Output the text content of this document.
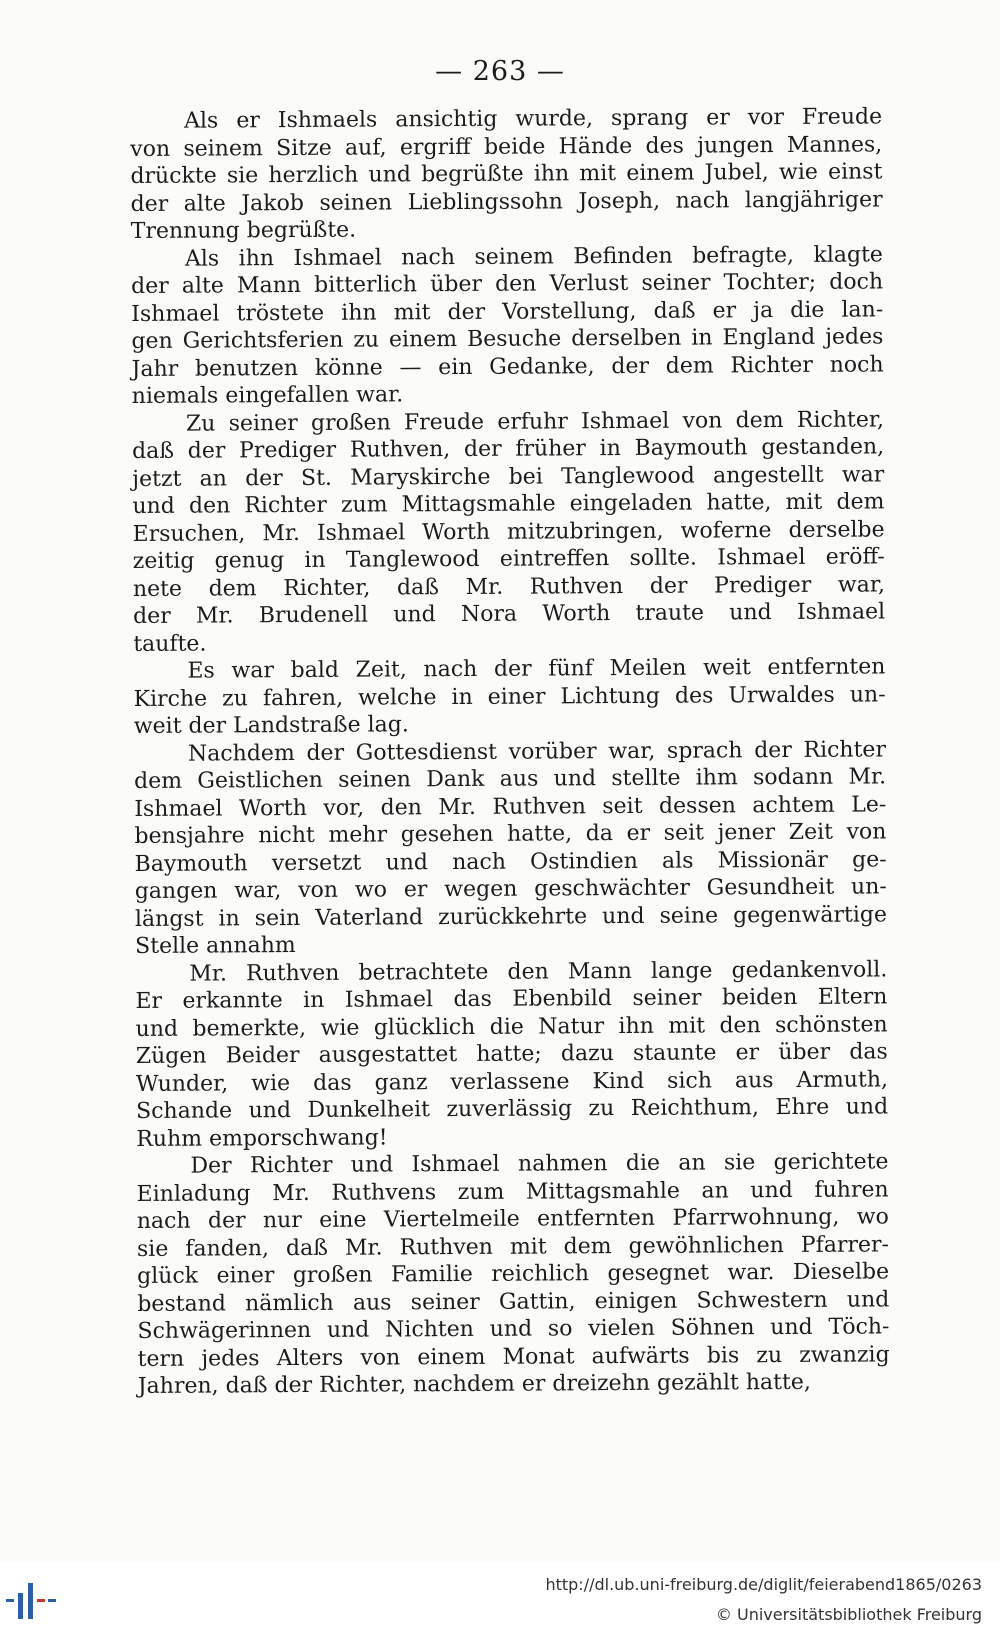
— 263 —
Als er Ishmaels ansichtig wurde, sprang er vor Freude
von seinem Sitze auf, ergriff beide Hände des jungen Mannes,
drückte sie herzlich und begrüßte ihn mit einem Jubel, wie einst
der alte Jakob seinen Lieblingssohn Joseph, nach langjähriger
Trennung begrüßte.
Als ihn Ishmael nach seinem Befinden befragte, klagte
der alte Mann bitterlich über den Verlust seiner Tochter; doch
Ishmael tröstete ihn mit der Vorstellung, daß er ja die lan-
gen Gerichtsferien zu einem Besuche derselben in England jedes
Jahr benutzen könne — ein Gedanke, der dem Richter noch
niemals eingefallen war.
Zu seiner großen Freude erfuhr Ishmael von dem Richter,
daß der Prediger Ruthven, der früher in Baymouth gestanden,
jetzt an der St. Maryskirche bei Tanglewood angestellt war
und den Richter zum Mittagsmahle eingeladen hatte, mit dem
Ersuchen, Mr. Ishmael Worth mitzubringen, woferne derselbe
zeitig genug in Tanglewood eintreffen sollte. Ishmael eröff-
nete dem Richter, daß Mr. Ruthven der Prediger war,
der Mr. Brudenell und Nora Worth traute und Ishmael
taufte.
Es war bald Zeit, nach der fünf Meilen weit entfernten
Kirche zu fahren, welche in einer Lichtung des Urwaldes un-
weit der Landstraße lag.
Nachdem der Gottesdienst vorüber war, sprach der Richter
dem Geistlichen seinen Dank aus und stellte ihm sodann Mr.
Ishmael Worth vor, den Mr. Ruthven seit dessen achtem Le-
bensjahre nicht mehr gesehen hatte, da er seit jener Zeit von
Baymouth versetzt und nach Ostindien als Missionär ge-
gangen war, von wo er wegen geschwächter Gesundheit un-
längst in sein Vaterland zurückkehrte und seine gegenwärtige
Stelle annahm
Mr. Ruthven betrachtete den Mann lange gedankenvoll.
Er erkannte in Ishmael das Ebenbild seiner beiden Eltern
und bemerkte, wie glücklich die Natur ihn mit den schönsten
Zügen Beider ausgestattet hatte; dazu staunte er über das
Wunder, wie das ganz verlassene Kind sich aus Armuth,
Schande und Dunkelheit zuverlässig zu Reichthum, Ehre und
Ruhm emporschwang!
Der Richter und Ishmael nahmen die an sie gerichtete
Einladung Mr. Ruthvens zum Mittagsmahle an und fuhren
nach der nur eine Viertelmeile entfernten Pfarrwohnung, wo
sie fanden, daß Mr. Ruthven mit dem gewöhnlichen Pfarrer-
glück einer großen Familie reichlich gesegnet war. Dieselbe
bestand nämlich aus seiner Gattin, einigen Schwestern und
Schwägerinnen und Nichten und so vielen Söhnen und Töch-
tern jedes Alters von einem Monat aufwärts bis zu zwanzig
Jahren, daß der Richter, nachdem er dreizehn gezählt hatte,
http://dl.ub.uni-freiburg.de/diglit/feierabend1865/0263
© Universitätsbibliothek Freiburg
